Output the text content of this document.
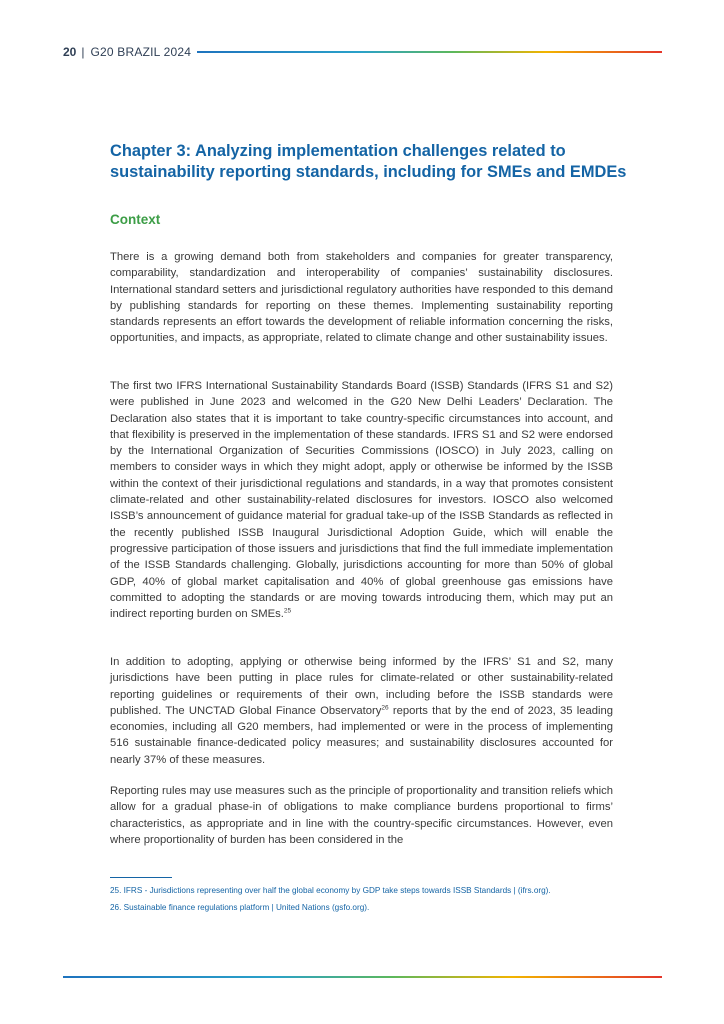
20 | G20 BRAZIL 2024
Chapter 3: Analyzing implementation challenges related to sustainability reporting standards, including for SMEs and EMDEs
Context

There is a growing demand both from stakeholders and companies for greater transparency, comparability, standardization and interoperability of companies’ sustainability disclosures. International standard setters and jurisdictional regulatory authorities have responded to this demand by publishing standards for reporting on these themes. Implementing sustainability reporting standards represents an effort towards the development of reliable information concerning the risks, opportunities, and impacts, as appropriate, related to climate change and other sustainability issues.

The first two IFRS International Sustainability Standards Board (ISSB) Standards (IFRS S1 and S2) were published in June 2023 and welcomed in the G20 New Delhi Leaders’ Declaration. The Declaration also states that it is important to take country-specific circumstances into account, and that flexibility is preserved in the implementation of these standards. IFRS S1 and S2 were endorsed by the International Organization of Securities Commissions (IOSCO) in July 2023, calling on members to consider ways in which they might adopt, apply or otherwise be informed by the ISSB within the context of their jurisdictional regulations and standards, in a way that promotes consistent climate-related and other sustainability-related disclosures for investors. IOSCO also welcomed ISSB’s announcement of guidance material for gradual take-up of the ISSB Standards as reflected in the recently published ISSB Inaugural Jurisdictional Adoption Guide, which will enable the progressive participation of those issuers and jurisdictions that find the full immediate implementation of the ISSB Standards challenging. Globally, jurisdictions accounting for more than 50% of global GDP, 40% of global market capitalisation and 40% of global greenhouse gas emissions have committed to adopting the standards or are moving towards introducing them, which may put an indirect reporting burden on SMEs.$^{25}$

In addition to adopting, applying or otherwise being informed by the IFRS’ S1 and S2, many jurisdictions have been putting in place rules for climate-related or other sustainability-related reporting guidelines or requirements of their own, including before the ISSB standards were published. The UNCTAD Global Finance Observatory$^{26}$ reports that by the end of 2023, 35 leading economies, including all G20 members, had implemented or were in the process of implementing 516 sustainable finance-dedicated policy measures; and sustainability disclosures accounted for nearly 37% of these measures.

Reporting rules may use measures such as the principle of proportionality and transition reliefs which allow for a gradual phase-in of obligations to make compliance burdens proportional to firms’ characteristics, as appropriate and in line with the country-specific circumstances. However, even where proportionality of burden has been considered in the

25. IFRS - Jurisdictions representing over half the global economy by GDP take steps towards ISSB Standards | (ifrs.org).
26. Sustainable finance regulations platform | United Nations (gsfo.org).
